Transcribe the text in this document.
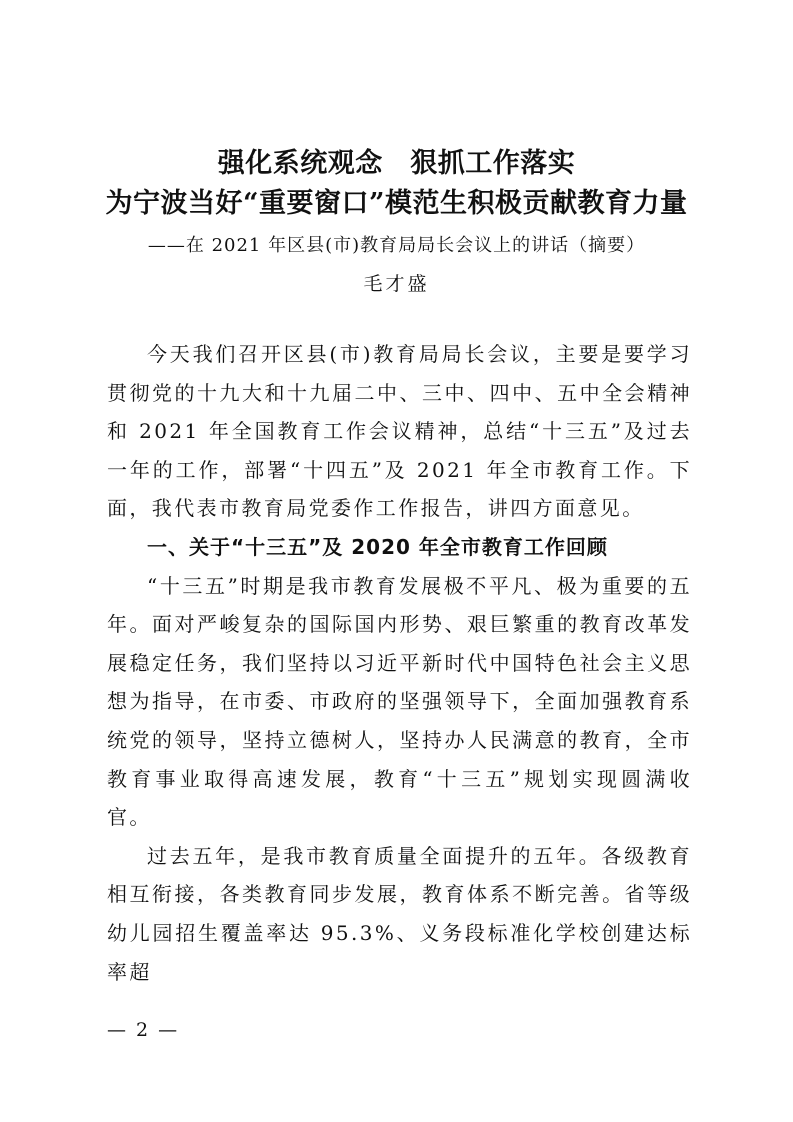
强化系统观念　狠抓工作落实
为宁波当好“重要窗口”模范生积极贡献教育力量
——在 2021 年区县(市)教育局局长会议上的讲话（摘要）
毛才盛

今天我们召开区县(市)教育局局长会议，主要是要学习贯彻党的十九大和十九届二中、三中、四中、五中全会精神和 2021 年全国教育工作会议精神，总结“十三五”及过去一年的工作，部署“十四五”及 2021 年全市教育工作。下面，我代表市教育局党委作工作报告，讲四方面意见。

一、关于“十三五”及 2020 年全市教育工作回顾

“十三五”时期是我市教育发展极不平凡、极为重要的五年。面对严峻复杂的国际国内形势、艰巨繁重的教育改革发展稳定任务，我们坚持以习近平新时代中国特色社会主义思想为指导，在市委、市政府的坚强领导下，全面加强教育系统党的领导，坚持立德树人，坚持办人民满意的教育，全市教育事业取得高速发展，教育“十三五”规划实现圆满收官。

过去五年，是我市教育质量全面提升的五年。各级教育相互衔接，各类教育同步发展，教育体系不断完善。省等级幼儿园招生覆盖率达 95.3%、义务段标准化学校创建达标率超

— 2 —
